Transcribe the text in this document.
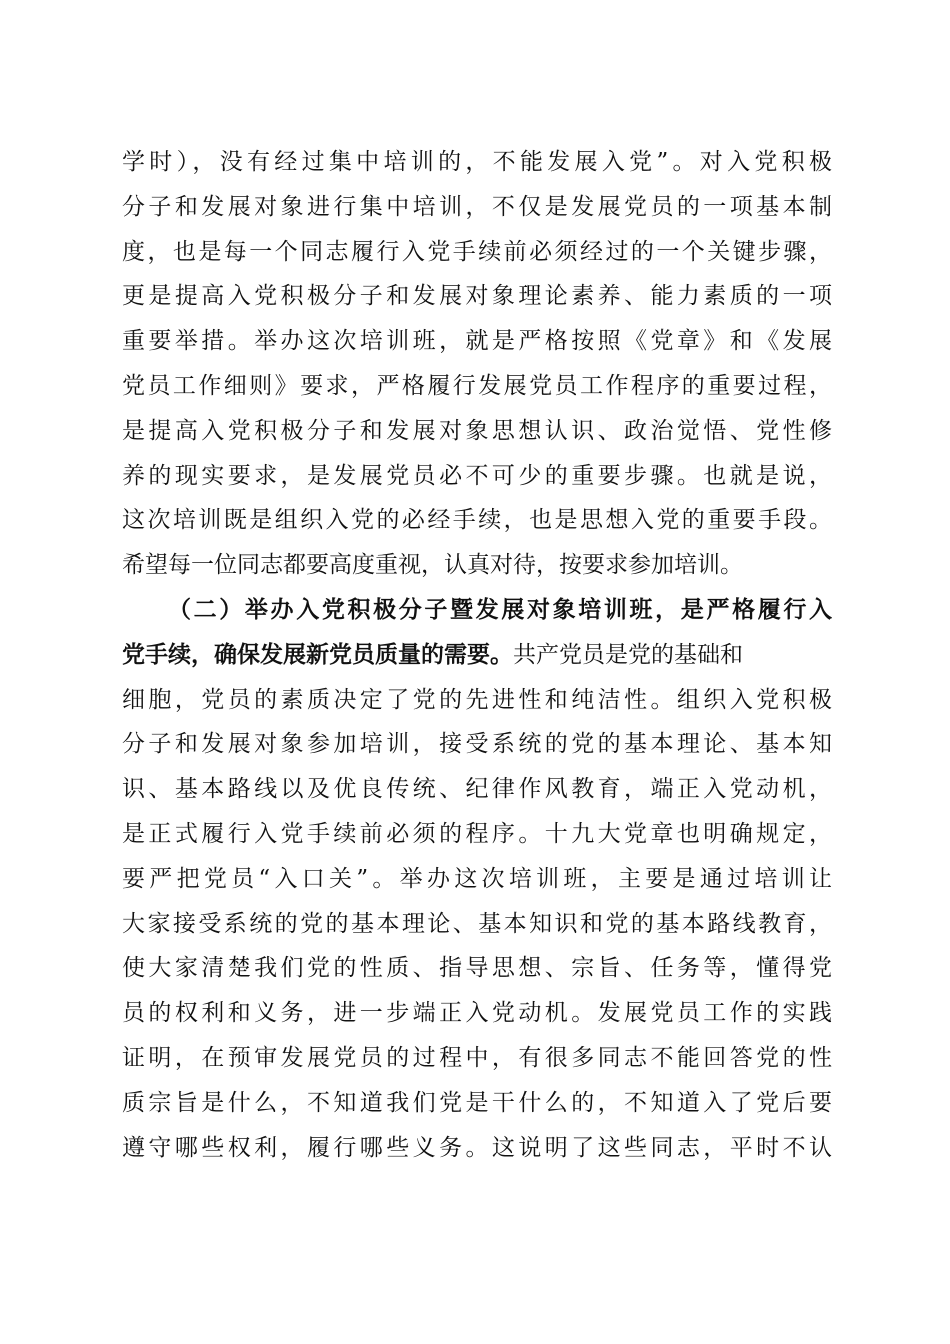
学时），没有经过集中培训的，不能发展入党”。对入党积极
分子和发展对象进行集中培训，不仅是发展党员的一项基本制
度，也是每一个同志履行入党手续前必须经过的一个关键步骤，
更是提高入党积极分子和发展对象理论素养、能力素质的一项
重要举措。举办这次培训班，就是严格按照《党章》和《发展
党员工作细则》要求，严格履行发展党员工作程序的重要过程，
是提高入党积极分子和发展对象思想认识、政治觉悟、党性修
养的现实要求，是发展党员必不可少的重要步骤。也就是说，
这次培训既是组织入党的必经手续，也是思想入党的重要手段。
希望每一位同志都要高度重视，认真对待，按要求参加培训。
（二）举办入党积极分子暨发展对象培训班，是严格履行入
党手续，确保发展新党员质量的需要。共产党员是党的基础和
细胞，党员的素质决定了党的先进性和纯洁性。组织入党积极
分子和发展对象参加培训，接受系统的党的基本理论、基本知
识、基本路线以及优良传统、纪律作风教育，端正入党动机，
是正式履行入党手续前必须的程序。十九大党章也明确规定，
要严把党员“入口关”。举办这次培训班，主要是通过培训让
大家接受系统的党的基本理论、基本知识和党的基本路线教育，
使大家清楚我们党的性质、指导思想、宗旨、任务等，懂得党
员的权利和义务，进一步端正入党动机。发展党员工作的实践
证明，在预审发展党员的过程中，有很多同志不能回答党的性
质宗旨是什么，不知道我们党是干什么的，不知道入了党后要
遵守哪些权利，履行哪些义务。这说明了这些同志，平时不认
